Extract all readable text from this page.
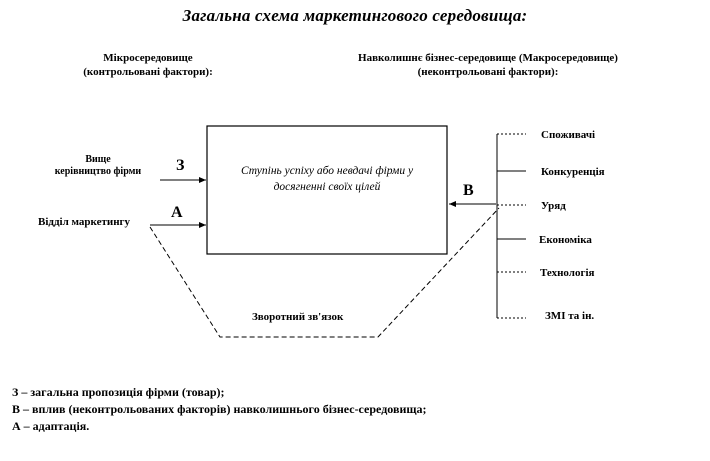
Загальна схема маркетингового середовища:
Мікросередовище
(контрольовані фактори):
Навколишнє бізнес-середовище (Макросередовище)
(неконтрольовані фактори):
Ступінь успіху або невдачі фірми у
досягненні своїх цілей
Вище
керівництво фірми
Відділ маркетингу
З
А
В
Зворотний зв'язок
Споживачі
Конкуренція
Уряд
Економіка
Технологія
ЗМІ та ін.
З – загальна пропозиція фірми (товар);
В – вплив (неконтрольованих факторів) навколишнього бізнес-середовища;
А – адаптація.
